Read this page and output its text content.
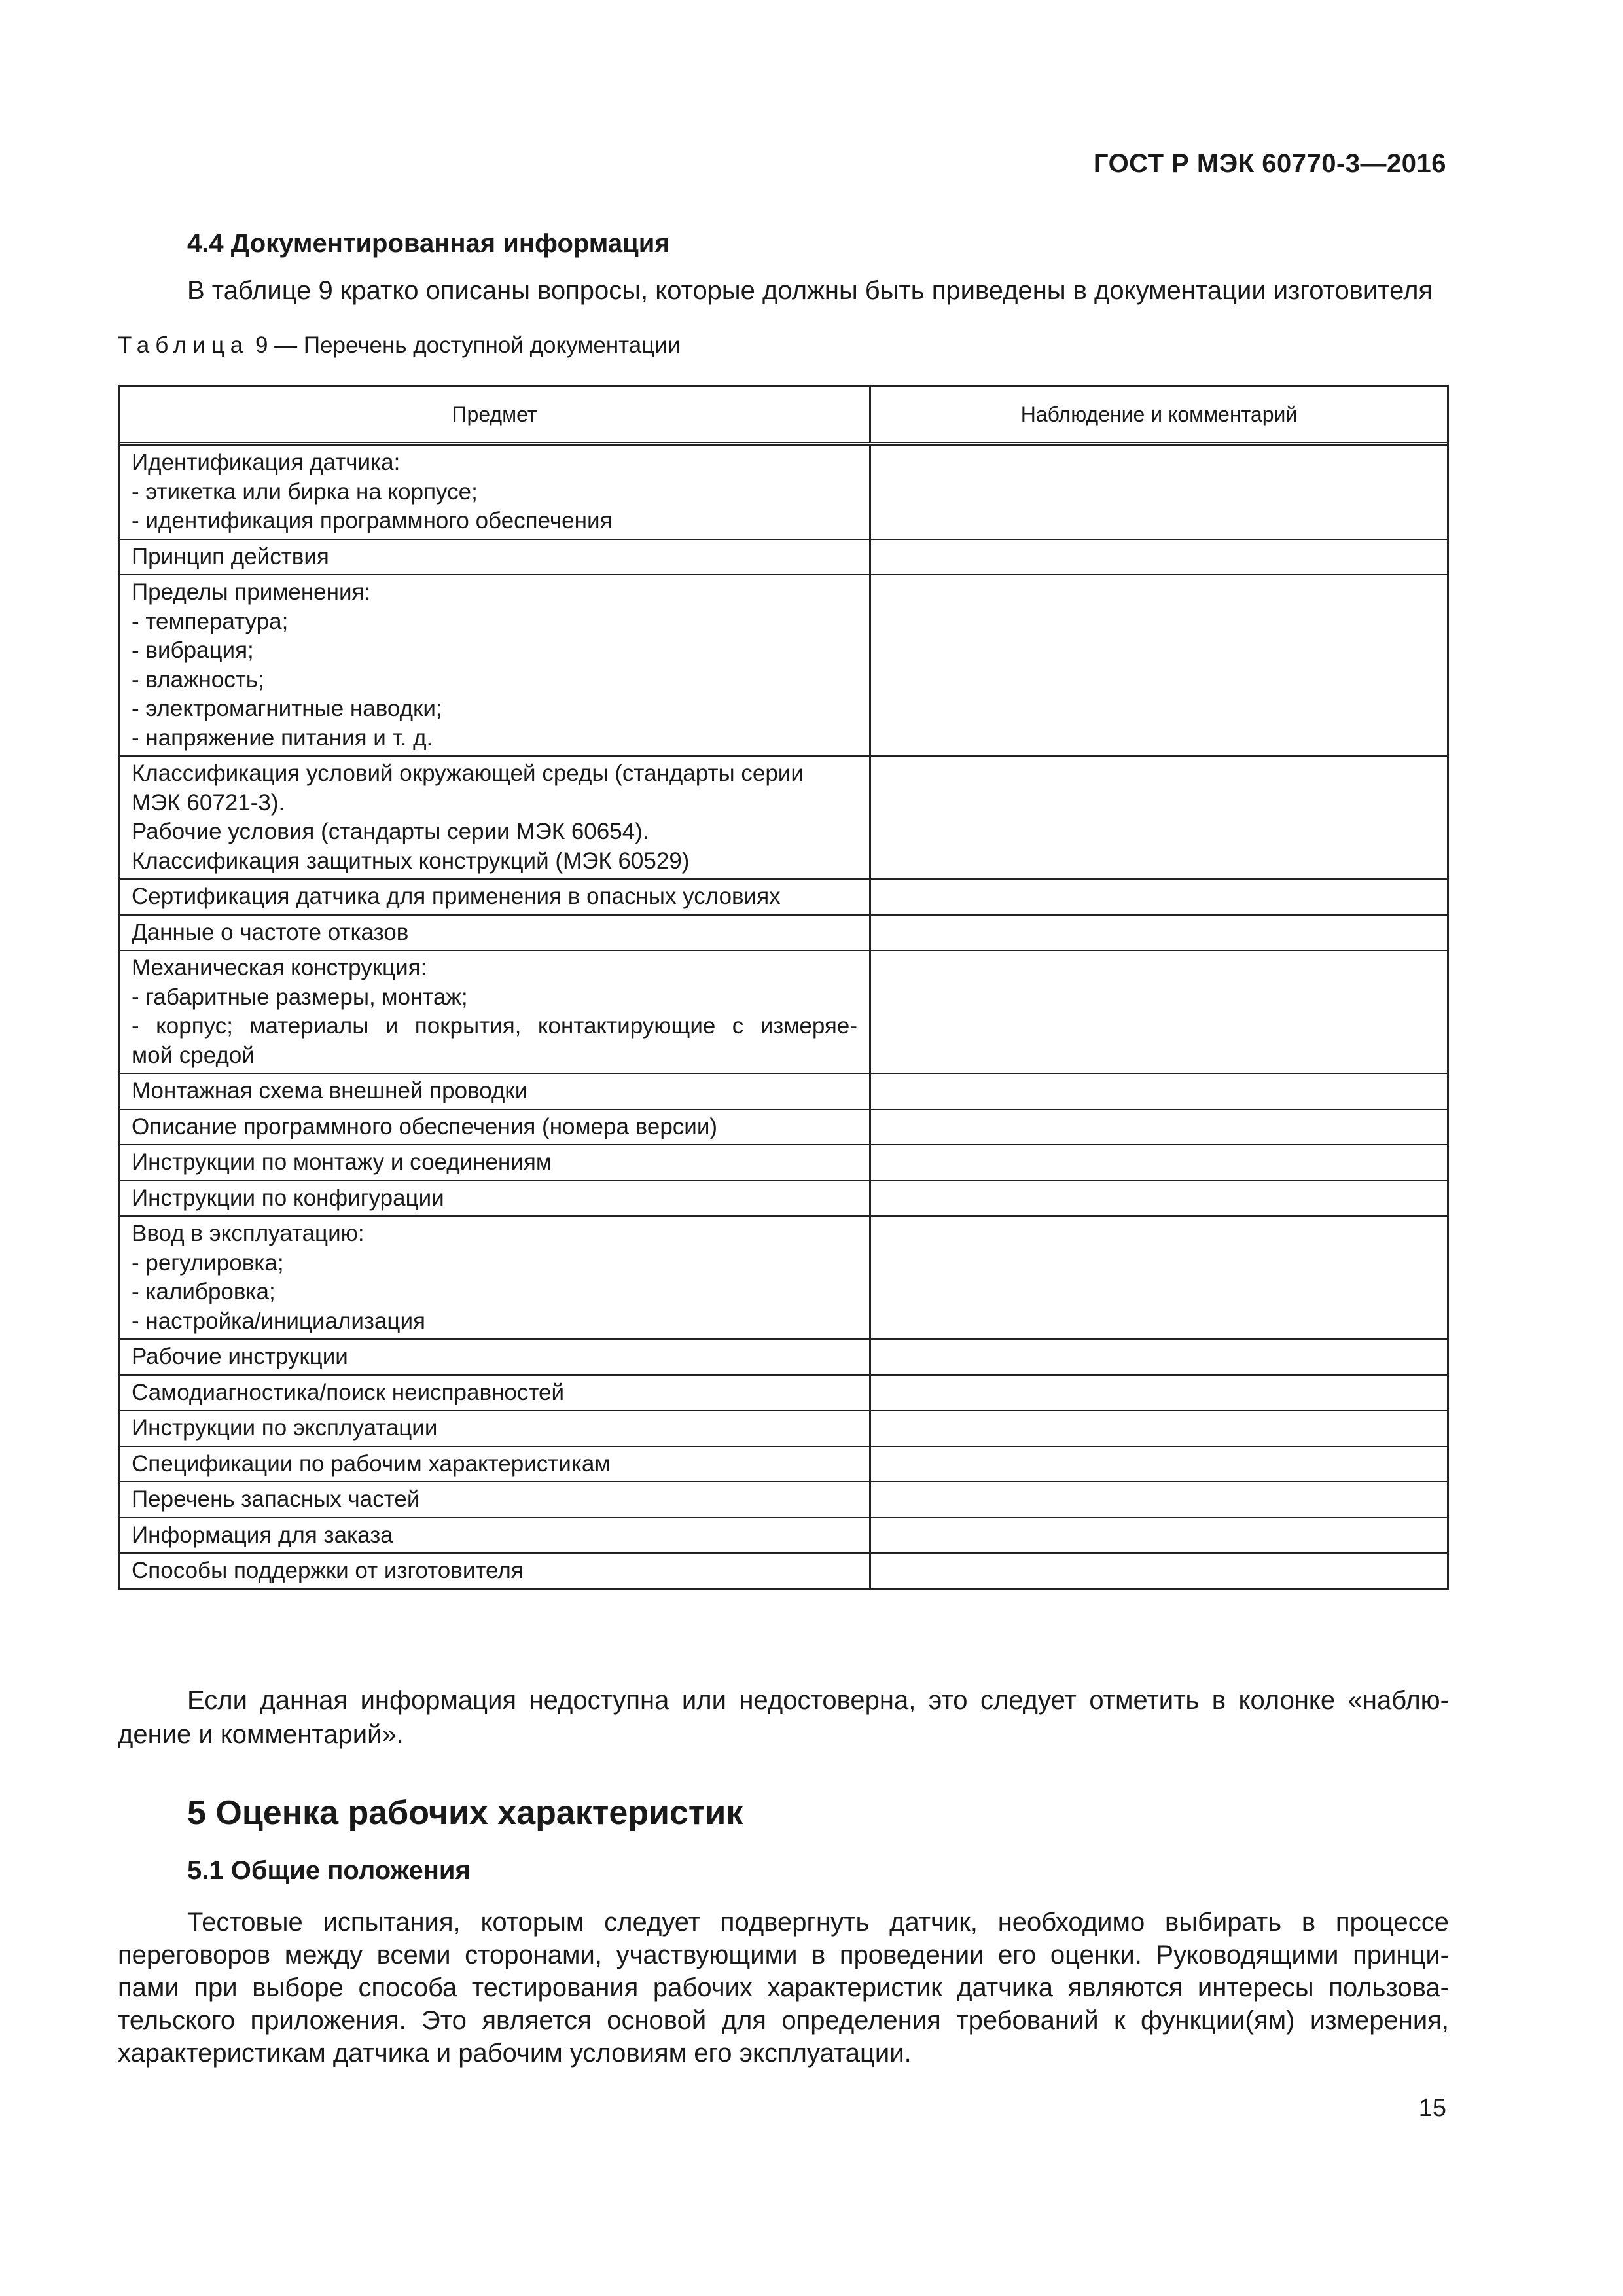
ГОСТ Р МЭК 60770-3—2016
4.4 Документированная информация
В таблице 9 кратко описаны вопросы, которые должны быть приведены в документации изготовителя
Таблица 9 — Перечень доступной документации
Предмет	Наблюдение и комментарий
Идентификация датчика:
- этикетка или бирка на корпусе;
- идентификация программного обеспечения
Принцип действия
Пределы применения:
- температура;
- вибрация;
- влажность;
- электромагнитные наводки;
- напряжение питания и т. д.
Классификация условий окружающей среды (стандарты серии
МЭК 60721-3).
Рабочие условия (стандарты серии МЭК 60654).
Классификация защитных конструкций (МЭК 60529)
Сертификация датчика для применения в опасных условиях
Данные о частоте отказов
Механическая конструкция:
- габаритные размеры, монтаж;
- корпус; материалы и покрытия, контактирующие с измеряе-
мой средой
Монтажная схема внешней проводки
Описание программного обеспечения (номера версии)
Инструкции по монтажу и соединениям
Инструкции по конфигурации
Ввод в эксплуатацию:
- регулировка;
- калибровка;
- настройка/инициализация
Рабочие инструкции
Самодиагностика/поиск неисправностей
Инструкции по эксплуатации
Спецификации по рабочим характеристикам
Перечень запасных частей
Информация для заказа
Способы поддержки от изготовителя
Если данная информация недоступна или недостоверна, это следует отметить в колонке «наблю-
дение и комментарий».
5 Оценка рабочих характеристик
5.1 Общие положения
Тестовые испытания, которым следует подвергнуть датчик, необходимо выбирать в процессе
переговоров между всеми сторонами, участвующими в проведении его оценки. Руководящими принци-
пами при выборе способа тестирования рабочих характеристик датчика являются интересы пользова-
тельского приложения. Это является основой для определения требований к функции(ям) измерения,
характеристикам датчика и рабочим условиям его эксплуатации.
15
